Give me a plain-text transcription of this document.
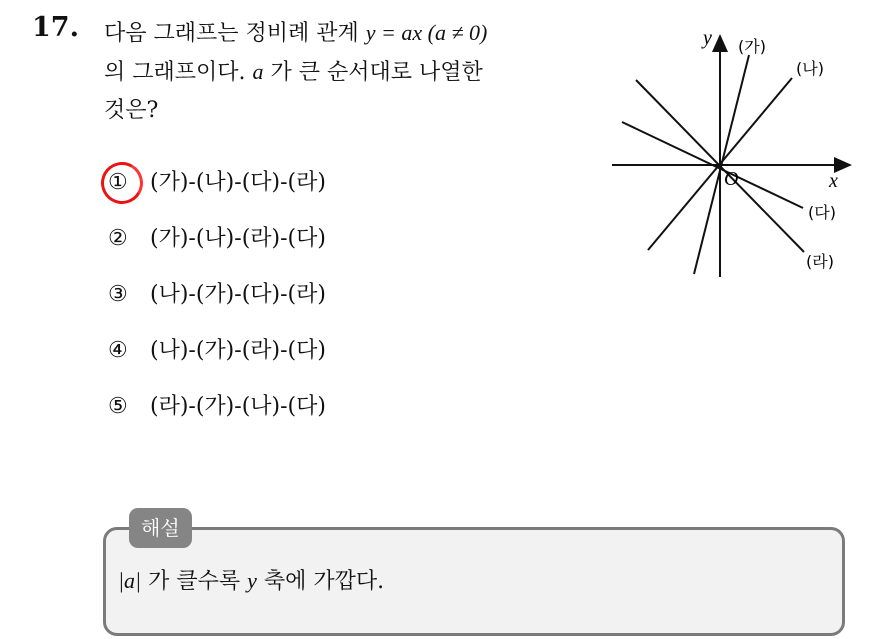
17. 다음 그래프는 정비례 관계 y = ax (a ≠ 0)
의 그래프이다. a 가 큰 순서대로 나열한
것은?
① (가)-(나)-(다)-(라)
② (가)-(나)-(라)-(다)
③ (나)-(가)-(다)-(라)
④ (나)-(가)-(라)-(다)
⑤ (라)-(가)-(나)-(다)
y
x
O
(가)
(나)
(다)
(라)
해설
|a| 가 클수록 y 축에 가깝다.
